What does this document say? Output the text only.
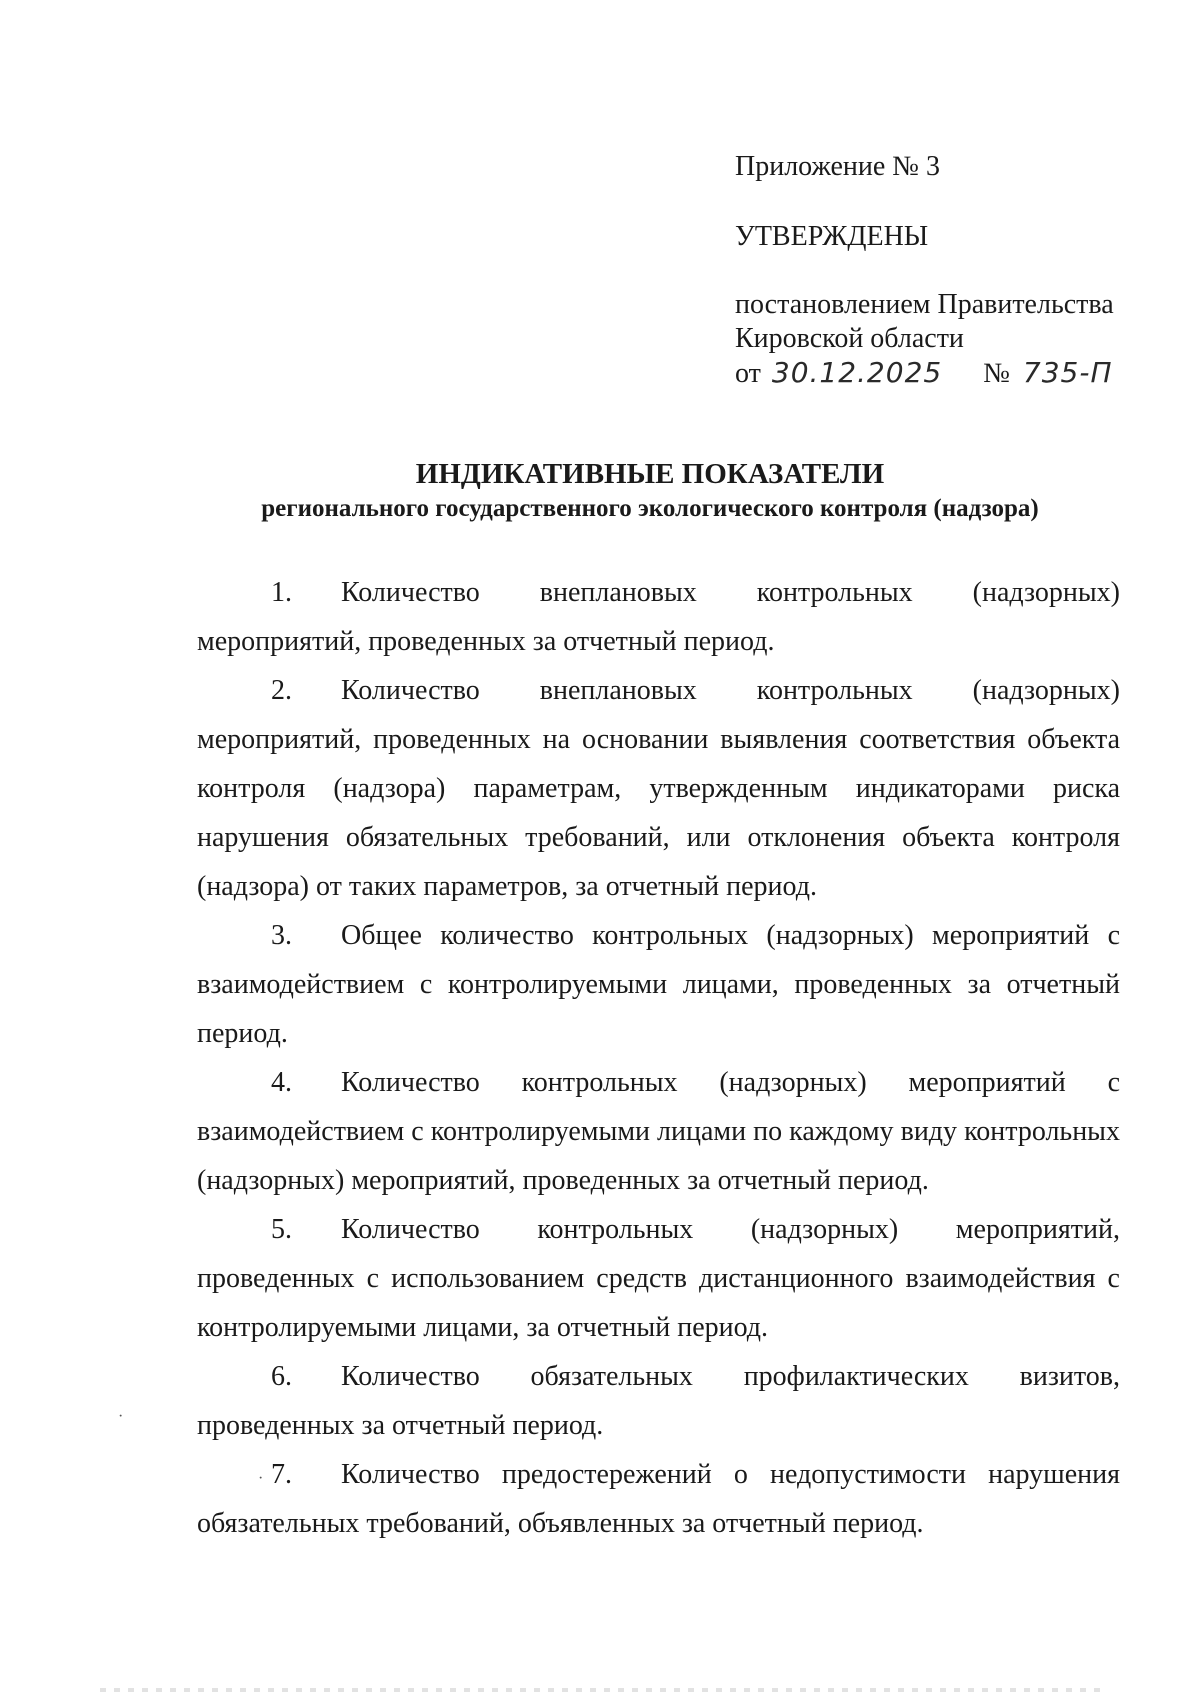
Приложение № 3

УТВЕРЖДЕНЫ

постановлением Правительства
Кировской области
от 30.12.2025 № 735-П
ИНДИКАТИВНЫЕ ПОКАЗАТЕЛИ
регионального государственного экологического контроля (надзора)

1. Количество внеплановых контрольных (надзорных) мероприятий, проведенных за отчетный период.

2. Количество внеплановых контрольных (надзорных) мероприятий, проведенных на основании выявления соответствия объекта контроля (надзора) параметрам, утвержденным индикаторами риска нарушения обязательных требований, или отклонения объекта контроля (надзора) от таких параметров, за отчетный период.

3. Общее количество контрольных (надзорных) мероприятий с взаимодействием с контролируемыми лицами, проведенных за отчетный период.

4. Количество контрольных (надзорных) мероприятий с взаимодействием с контролируемыми лицами по каждому виду контрольных (надзорных) мероприятий, проведенных за отчетный период.

5. Количество контрольных (надзорных) мероприятий, проведенных с использованием средств дистанционного взаимодействия с контролируемыми лицами, за отчетный период.

6. Количество обязательных профилактических визитов, проведенных за отчетный период.

7. Количество предостережений о недопустимости нарушения обязательных требований, объявленных за отчетный период.

·
·
